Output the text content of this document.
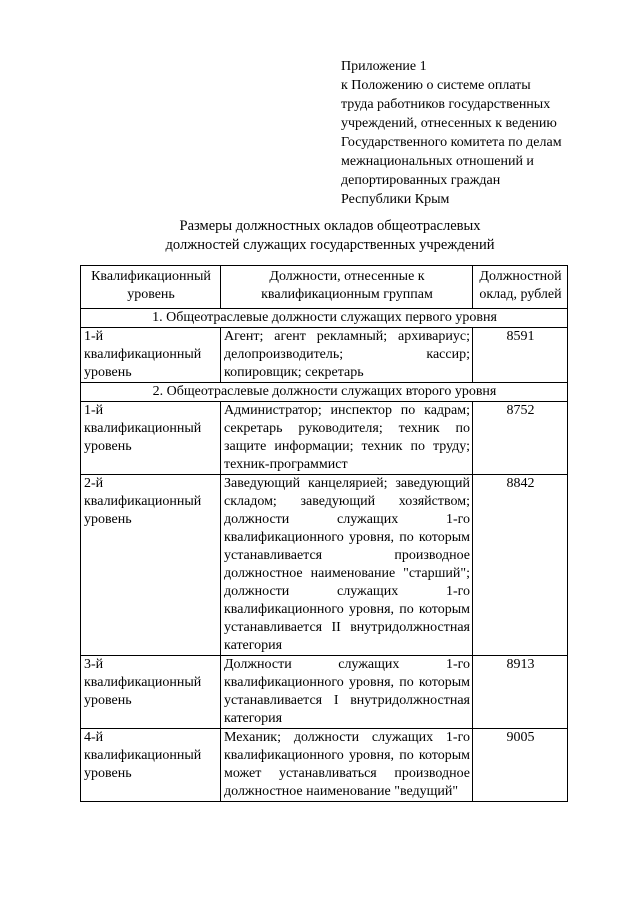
Приложение 1
к Положению о системе оплаты
труда работников государственных
учреждений, отнесенных к ведению
Государственного комитета по делам
межнациональных отношений и
депортированных граждан
Республики Крым
Размеры должностных окладов общеотраслевых
должностей служащих государственных учреждений
Квалификационный уровень	Должности, отнесенные к квалификационным группам	Должностной оклад, рублей
1. Общеотраслевые должности служащих первого уровня		
1-й квалификационный уровень	Агент; агент рекламный; архивариус; делопроизводитель; кассир; копировщик; секретарь	8591
2. Общеотраслевые должности служащих второго уровня		
1-й квалификационный уровень	Администратор; инспектор по кадрам; секретарь руководителя; техник по защите информации; техник по труду; техник-программист	8752
2-й квалификационный уровень	Заведующий канцелярией; заведующий складом; заведующий хозяйством; должности служащих 1-го квалификационного уровня, по которым устанавливается производное должностное наименование "старший"; должности служащих 1-го квалификационного уровня, по которым устанавливается II внутридолжностная категория	8842
3-й квалификационный уровень	Должности служащих 1-го квалификационного уровня, по которым устанавливается I внутридолжностная категория	8913
4-й квалификационный уровень	Механик; должности служащих 1-го квалификационного уровня, по которым может устанавливаться производное должностное наименование "ведущий"	9005
